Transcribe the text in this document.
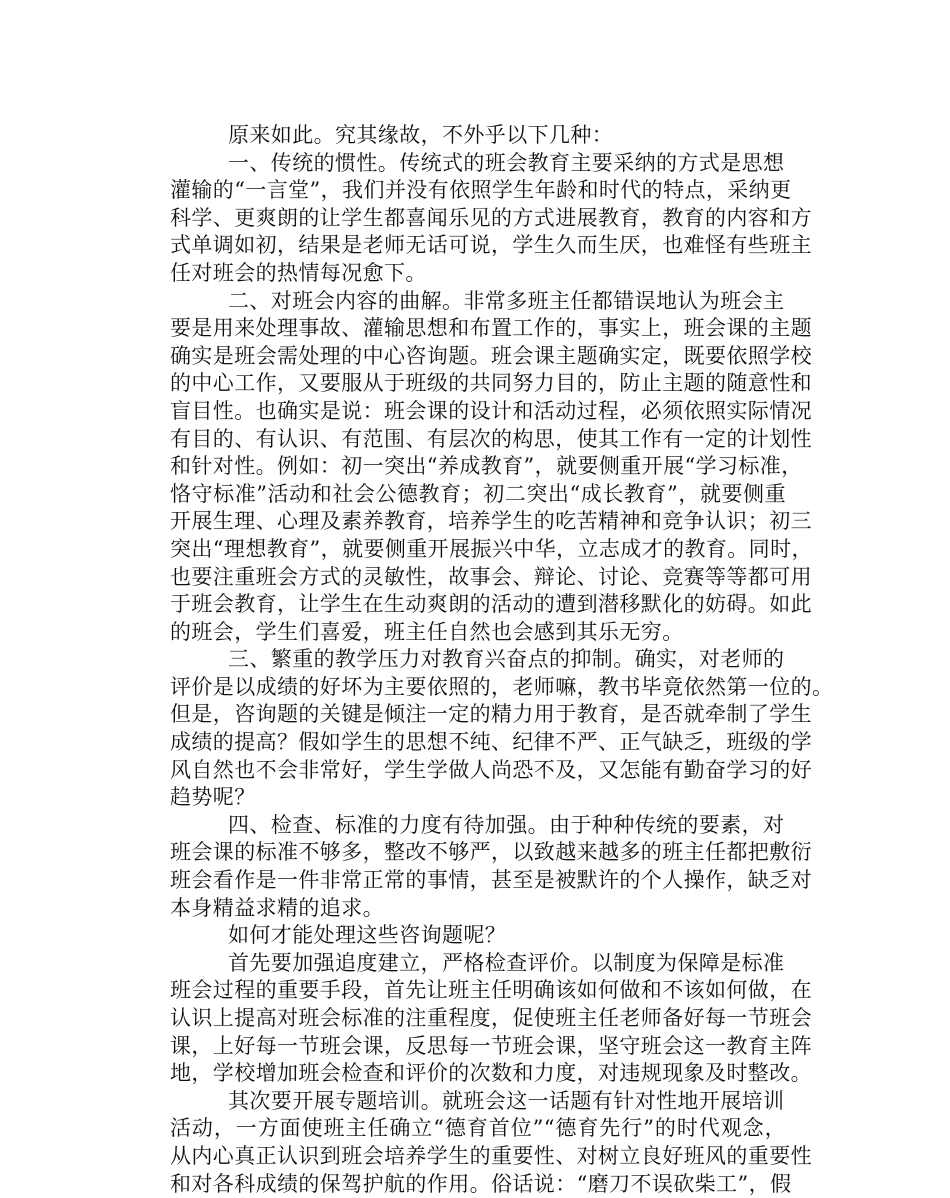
原来如此。究其缘故，不外乎以下几种：
一、传统的惯性。传统式的班会教育主要采纳的方式是思想
灌输的“一言堂”，我们并没有依照学生年龄和时代的特点，采纳更
科学、更爽朗的让学生都喜闻乐见的方式进展教育，教育的内容和方
式单调如初，结果是老师无话可说，学生久而生厌，也难怪有些班主
任对班会的热情每况愈下。
二、对班会内容的曲解。非常多班主任都错误地认为班会主
要是用来处理事故、灌输思想和布置工作的，事实上，班会课的主题
确实是班会需处理的中心咨询题。班会课主题确实定，既要依照学校
的中心工作，又要服从于班级的共同努力目的，防止主题的随意性和
盲目性。也确实是说：班会课的设计和活动过程，必须依照实际情况
有目的、有认识、有范围、有层次的构思，使其工作有一定的计划性
和针对性。例如：初一突出“养成教育”，就要侧重开展“学习标准，
恪守标准”活动和社会公德教育；初二突出“成长教育”，就要侧重
开展生理、心理及素养教育，培养学生的吃苦精神和竞争认识；初三
突出“理想教育”，就要侧重开展振兴中华，立志成才的教育。同时，
也要注重班会方式的灵敏性，故事会、辩论、讨论、竞赛等等都可用
于班会教育，让学生在生动爽朗的活动的遭到潜移默化的妨碍。如此
的班会，学生们喜爱，班主任自然也会感到其乐无穷。
三、繁重的教学压力对教育兴奋点的抑制。确实，对老师的
评价是以成绩的好坏为主要依照的，老师嘛，教书毕竟依然第一位的。
但是，咨询题的关键是倾注一定的精力用于教育，是否就牵制了学生
成绩的提高？假如学生的思想不纯、纪律不严、正气缺乏，班级的学
风自然也不会非常好，学生学做人尚恐不及，又怎能有勤奋学习的好
趋势呢？
四、检查、标准的力度有待加强。由于种种传统的要素，对
班会课的标准不够多，整改不够严，以致越来越多的班主任都把敷衍
班会看作是一件非常正常的事情，甚至是被默许的个人操作，缺乏对
本身精益求精的追求。
如何才能处理这些咨询题呢？
首先要加强追度建立，严格检查评价。以制度为保障是标准
班会过程的重要手段，首先让班主任明确该如何做和不该如何做，在
认识上提高对班会标准的注重程度，促使班主任老师备好每一节班会
课，上好每一节班会课，反思每一节班会课，坚守班会这一教育主阵
地，学校增加班会检查和评价的次数和力度，对违规现象及时整改。
其次要开展专题培训。就班会这一话题有针对性地开展培训
活动，一方面使班主任确立“德育首位”“德育先行”的时代观念，
从内心真正认识到班会培养学生的重要性、对树立良好班风的重要性
和对各科成绩的保驾护航的作用。俗话说：“磨刀不误砍柴工”，假
